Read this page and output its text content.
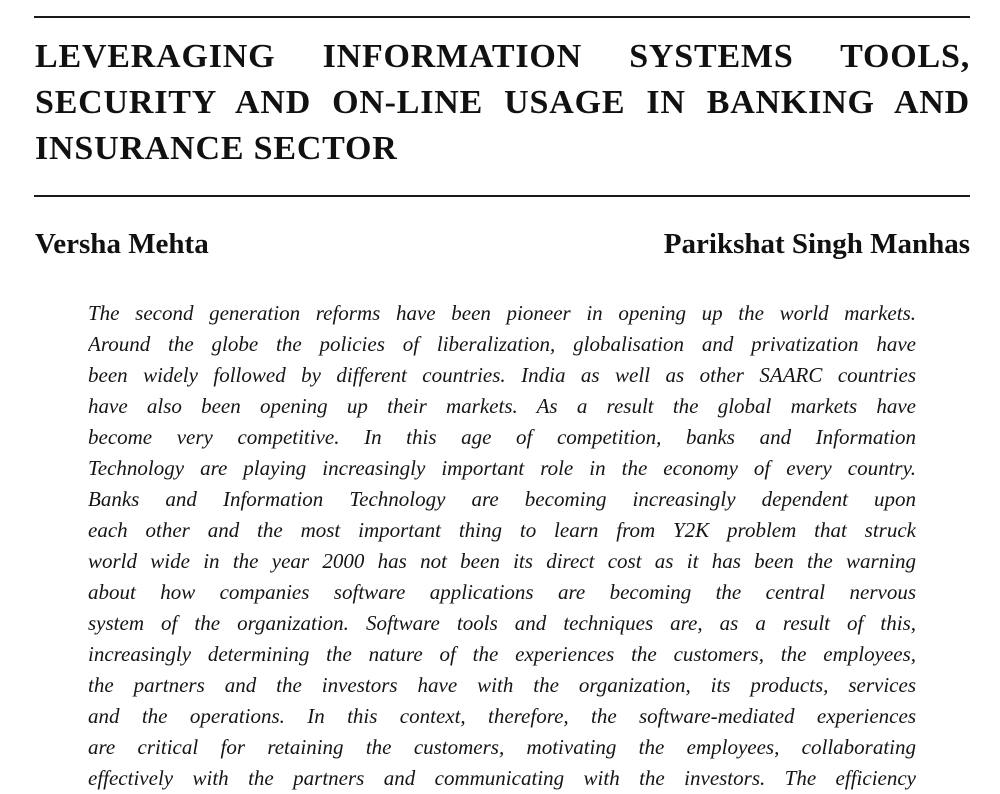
LEVERAGING INFORMATION SYSTEMS TOOLS,
SECURITY AND ON-LINE USAGE IN BANKING AND
INSURANCE SECTOR
Versha Mehta	Parikshat Singh Manhas
The second generation reforms have been pioneer in opening up the world markets.
Around the globe the policies of liberalization, globalisation and privatization have
been widely followed by different countries. India as well as other SAARC countries
have also been opening up their markets. As a result the global markets have
become very competitive. In this age of competition, banks and Information
Technology are playing increasingly important role in the economy of every country.
Banks and Information Technology are becoming increasingly dependent upon
each other and the most important thing to learn from Y2K problem that struck
world wide in the year 2000 has not been its direct cost as it has been the warning
about how companies software applications are becoming the central nervous
system of the organization. Software tools and techniques are, as a result of this,
increasingly determining the nature of the experiences the customers, the employees,
the partners and the investors have with the organization, its products, services
and the operations. In this context, therefore, the software-mediated experiences
are critical for retaining the customers, motivating the employees, collaborating
effectively with the partners and communicating with the investors. The efficiency
